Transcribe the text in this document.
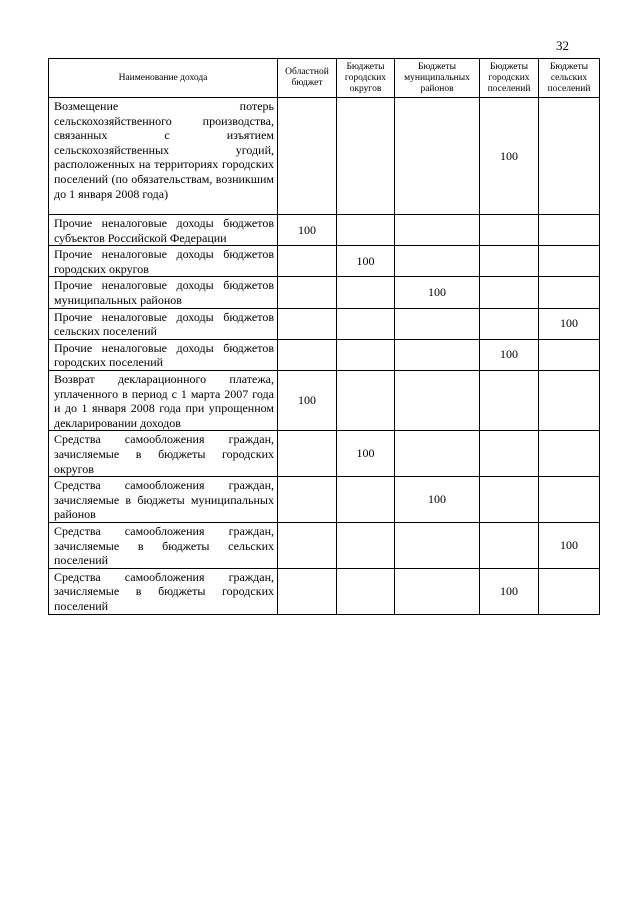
32
Наименование дохода	Областной бюджет	Бюджеты городских округов	Бюджеты муниципальных районов	Бюджеты городских поселений	Бюджеты сельских поселений
Возмещение потерь сельскохозяйственного производства, связанных с изъятием сельскохозяйственных угодий, расположенных на территориях городских поселений (по обязательствам, возникшим до 1 января 2008 года)				100	
Прочие неналоговые доходы бюджетов субъектов Российской Федерации	100				
Прочие неналоговые доходы бюджетов городских округов		100			
Прочие неналоговые доходы бюджетов муниципальных районов			100		
Прочие неналоговые доходы бюджетов сельских поселений					100
Прочие неналоговые доходы бюджетов городских поселений				100	
Возврат декларационного платежа, уплаченного в период с 1 марта 2007 года и до 1 января 2008 года при упрощенном декларировании доходов	100				
Средства самообложения граждан, зачисляемые в бюджеты городских округов		100			
Средства самообложения граждан, зачисляемые в бюджеты муниципальных районов			100		
Средства самообложения граждан, зачисляемые в бюджеты сельских поселений					100
Средства самообложения граждан, зачисляемые в бюджеты городских поселений				100	
